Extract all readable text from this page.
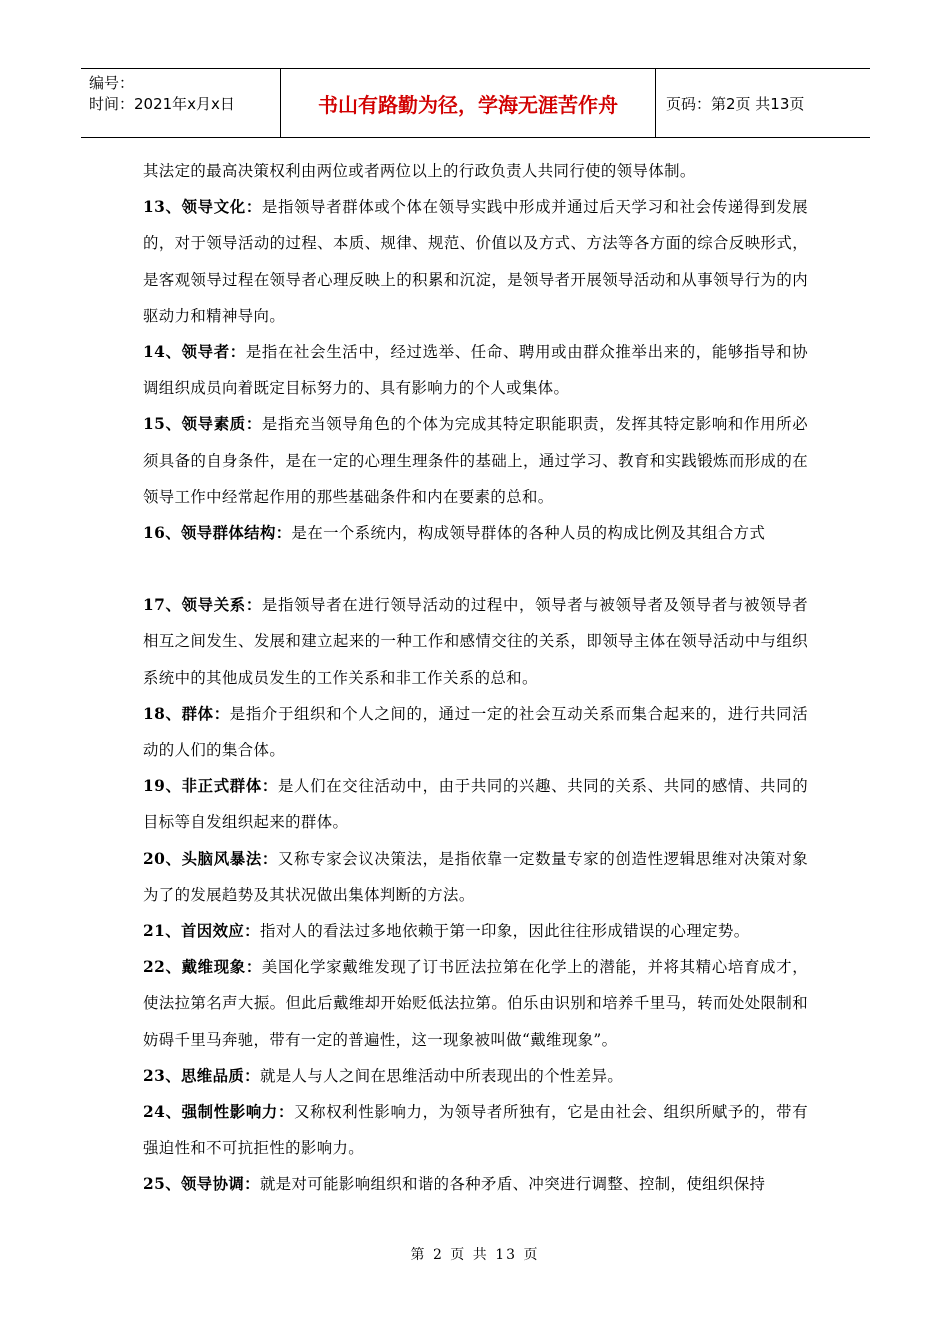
编号：
时间：2021年x月x日	书山有路勤为径，学海无涯苦作舟	页码：第2页 共13页

其法定的最高决策权利由两位或者两位以上的行政负责人共同行使的领导体制。

13、领导文化：是指领导者群体或个体在领导实践中形成并通过后天学习和社会传递得到发展的，对于领导活动的过程、本质、规律、规范、价值以及方式、方法等各方面的综合反映形式，是客观领导过程在领导者心理反映上的积累和沉淀，是领导者开展领导活动和从事领导行为的内驱动力和精神导向。

14、领导者：是指在社会生活中，经过选举、任命、聘用或由群众推举出来的，能够指导和协调组织成员向着既定目标努力的、具有影响力的个人或集体。

15、领导素质：是指充当领导角色的个体为完成其特定职能职责，发挥其特定影响和作用所必须具备的自身条件，是在一定的心理生理条件的基础上，通过学习、教育和实践锻炼而形成的在领导工作中经常起作用的那些基础条件和内在要素的总和。

16、领导群体结构：是在一个系统内，构成领导群体的各种人员的构成比例及其组合方式

17、领导关系：是指领导者在进行领导活动的过程中，领导者与被领导者及领导者与被领导者相互之间发生、发展和建立起来的一种工作和感情交往的关系，即领导主体在领导活动中与组织系统中的其他成员发生的工作关系和非工作关系的总和。

18、群体：是指介于组织和个人之间的，通过一定的社会互动关系而集合起来的，进行共同活动的人们的集合体。

19、非正式群体：是人们在交往活动中，由于共同的兴趣、共同的关系、共同的感情、共同的目标等自发组织起来的群体。

20、头脑风暴法：又称专家会议决策法，是指依靠一定数量专家的创造性逻辑思维对决策对象为了的发展趋势及其状况做出集体判断的方法。

21、首因效应：指对人的看法过多地依赖于第一印象，因此往往形成错误的心理定势。

22、戴维现象：美国化学家戴维发现了订书匠法拉第在化学上的潜能，并将其精心培育成才，使法拉第名声大振。但此后戴维却开始贬低法拉第。伯乐由识别和培养千里马，转而处处限制和妨碍千里马奔驰，带有一定的普遍性，这一现象被叫做“戴维现象”。

23、思维品质：就是人与人之间在思维活动中所表现出的个性差异。

24、强制性影响力：又称权利性影响力，为领导者所独有，它是由社会、组织所赋予的，带有强迫性和不可抗拒性的影响力。

25、领导协调：就是对可能影响组织和谐的各种矛盾、冲突进行调整、控制，使组织保持

第 2 页 共 13 页
